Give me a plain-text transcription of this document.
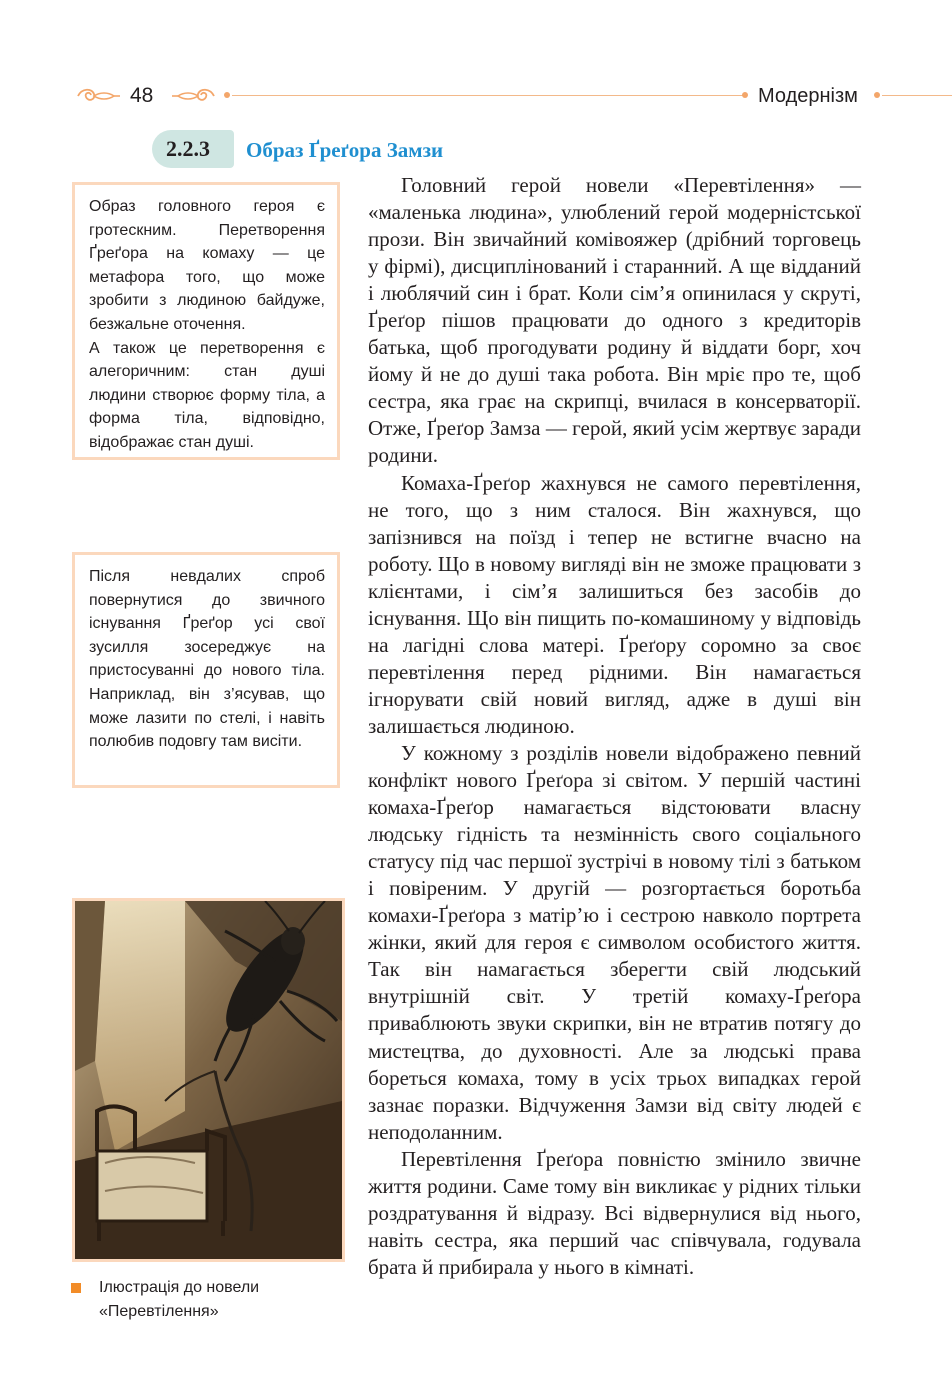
48	Модернізм
2.2.3 Образ Ґреґора Замзи

Образ головного героя є гротескним. Перетворення Ґреґора на комаху — це метафора того, що може зробити з людиною байдуже, безжальне оточення.

А також це перетворення є алегоричним: стан душі людини створює форму тіла, а форма тіла, відповідно, відображає стан душі.

Після невдалих спроб повернутися до звичного існування Ґреґор усі свої зусилля зосереджує на пристосуванні до нового тіла. Наприклад, він з’ясував, що може лазити по стелі, і навіть полюбив подовгу там висіти.

Ілюстрація до новели «Перевтілення»

Головний герой новели «Перевтілення» — «маленька людина», улюблений герой модерністської прози. Він звичайний комівояжер (дрібний торговець у фірмі), дисциплінований і старанний. А ще відданий і люблячий син і брат. Коли сім’я опинилася у скруті, Ґреґор пішов працювати до одного з кредиторів батька, щоб прогодувати родину й віддати борг, хоч йому й не до душі така робота. Він мріє про те, щоб сестра, яка грає на скрипці, вчилася в консерваторії. Отже, Ґреґор Замза — герой, який усім жертвує заради родини.

Комаха-Ґреґор жахнувся не самого перевтілення, не того, що з ним сталося. Він жахнувся, що запізнився на поїзд і тепер не встигне вчасно на роботу. Що в новому вигляді він не зможе працювати з клієнтами, і сім’я залишиться без засобів до існування. Що він пищить по-комашиному у відповідь на лагідні слова матері. Ґреґору соромно за своє перевтілення перед рідними. Він намагається ігнорувати свій новий вигляд, адже в душі він залишається людиною.

У кожному з розділів новели відображено певний конфлікт нового Ґреґора зі світом. У першій частині комаха-Ґреґор намагається відстоювати власну людську гідність та незмінність свого соціального статусу під час першої зустрічі в новому тілі з батьком і повіреним. У другій — розгортається боротьба комахи-Ґреґора з матір’ю і сестрою навколо портрета жінки, який для героя є символом особистого життя. Так він намагається зберегти свій людський внутрішній світ. У третій комаху-Ґреґора приваблюють звуки скрипки, він не втратив потягу до мистецтва, до духовності. Але за людські права бореться комаха, тому в усіх трьох випадках герой зазнає поразки. Відчуження Замзи від світу людей є неподоланним.

Перевтілення Ґреґора повністю змінило звичне життя родини. Саме тому він викликає у рідних тільки роздратування й відразу. Всі відвернулися від нього, навіть сестра, яка перший час співчувала, годувала брата й прибирала у нього в кімнаті.
